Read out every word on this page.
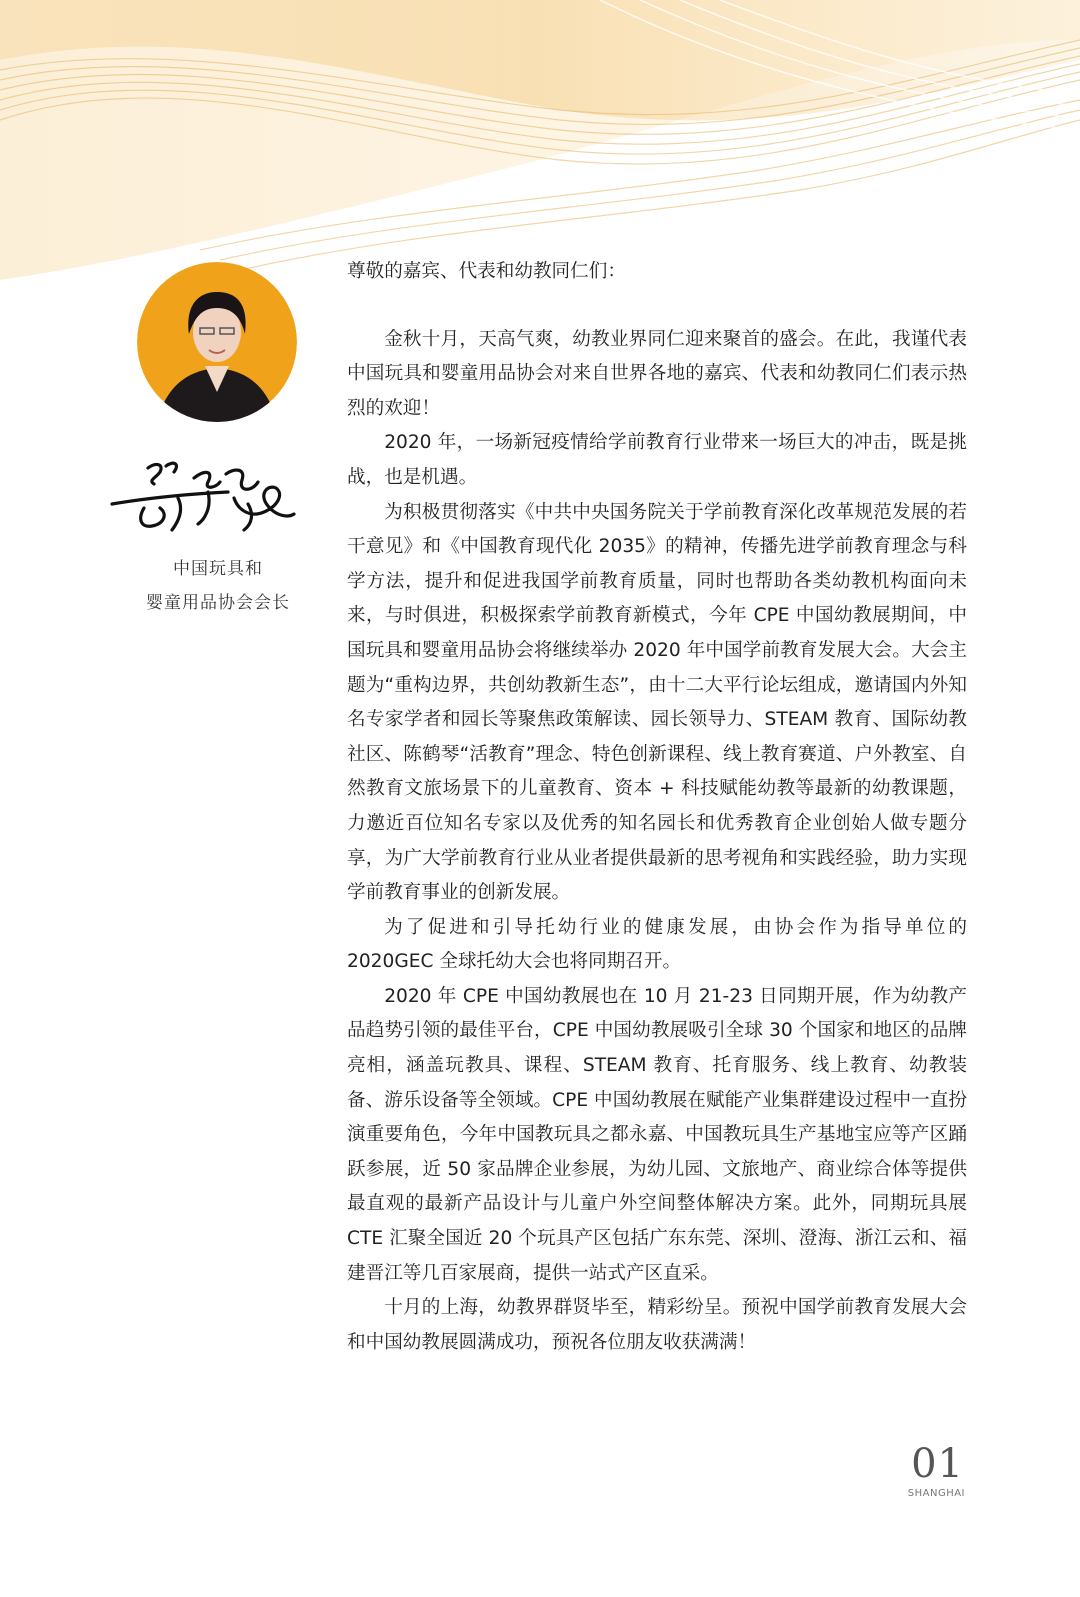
中国玩具和
婴童用品协会会长

尊敬的嘉宾、代表和幼教同仁们：

金秋十月，天高气爽，幼教业界同仁迎来聚首的盛会。在此，我谨代表中国玩具和婴童用品协会对来自世界各地的嘉宾、代表和幼教同仁们表示热烈的欢迎！

2020 年，一场新冠疫情给学前教育行业带来一场巨大的冲击，既是挑战，也是机遇。

为积极贯彻落实《中共中央国务院关于学前教育深化改革规范发展的若干意见》和《中国教育现代化 2035》的精神，传播先进学前教育理念与科学方法，提升和促进我国学前教育质量，同时也帮助各类幼教机构面向未来，与时俱进，积极探索学前教育新模式，今年 CPE 中国幼教展期间，中国玩具和婴童用品协会将继续举办 2020 年中国学前教育发展大会。大会主题为“重构边界，共创幼教新生态”，由十二大平行论坛组成，邀请国内外知名专家学者和园长等聚焦政策解读、园长领导力、STEAM 教育、国际幼教社区、陈鹤琴“活教育”理念、特色创新课程、线上教育赛道、户外教室、自然教育文旅场景下的儿童教育、资本 + 科技赋能幼教等最新的幼教课题，力邀近百位知名专家以及优秀的知名园长和优秀教育企业创始人做专题分享，为广大学前教育行业从业者提供最新的思考视角和实践经验，助力实现学前教育事业的创新发展。

为了促进和引导托幼行业的健康发展，由协会作为指导单位的 2020GEC 全球托幼大会也将同期召开。

2020 年 CPE 中国幼教展也在 10 月 21-23 日同期开展，作为幼教产品趋势引领的最佳平台，CPE 中国幼教展吸引全球 30 个国家和地区的品牌亮相，涵盖玩教具、课程、STEAM 教育、托育服务、线上教育、幼教装备、游乐设备等全领域。CPE 中国幼教展在赋能产业集群建设过程中一直扮演重要角色，今年中国教玩具之都永嘉、中国教玩具生产基地宝应等产区踊跃参展，近 50 家品牌企业参展，为幼儿园、文旅地产、商业综合体等提供最直观的最新产品设计与儿童户外空间整体解决方案。此外，同期玩具展 CTE 汇聚全国近 20 个玩具产区包括广东东莞、深圳、澄海、浙江云和、福建晋江等几百家展商，提供一站式产区直采。

十月的上海，幼教界群贤毕至，精彩纷呈。预祝中国学前教育发展大会和中国幼教展圆满成功，预祝各位朋友收获满满！

01
SHANGHAI
